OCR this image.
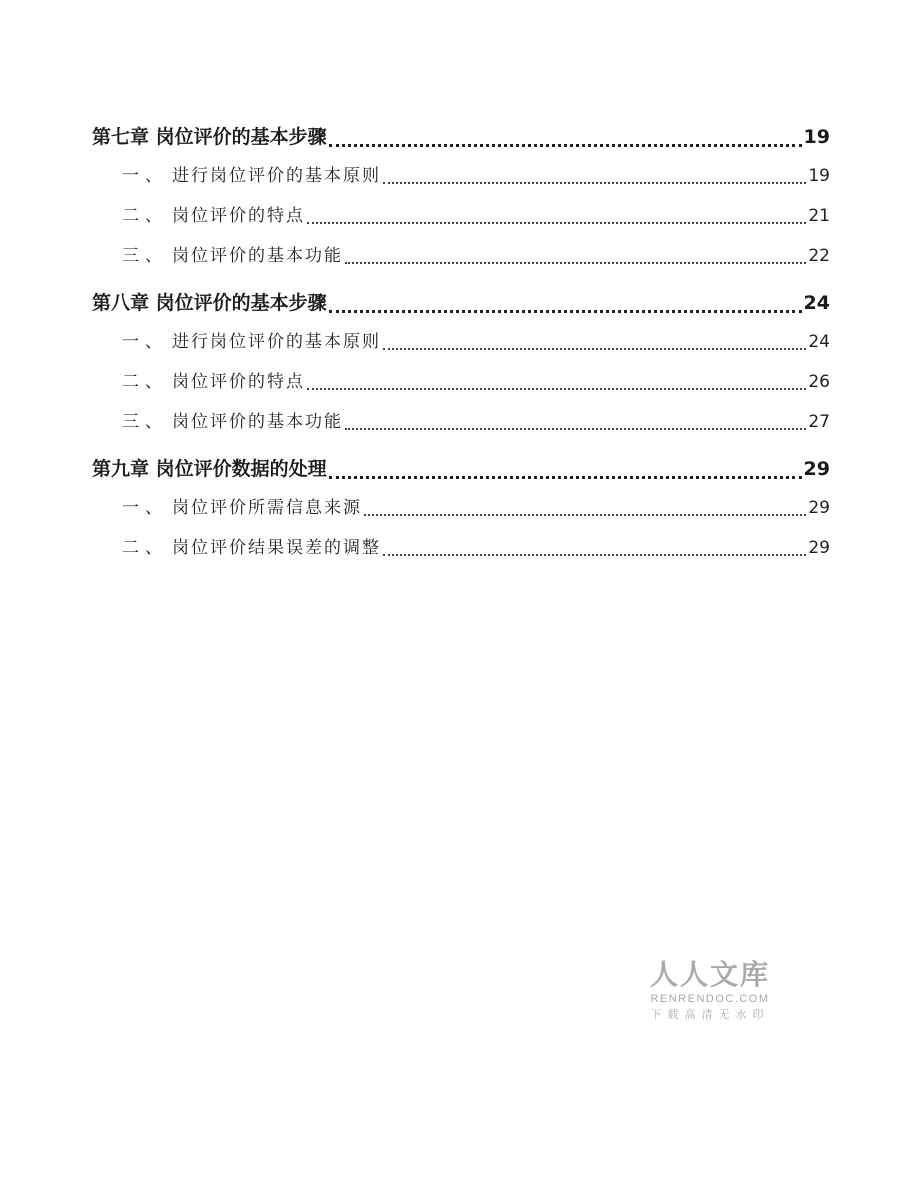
第七章 岗位评价的基本步骤	19
一、 进行岗位评价的基本原则	19
二、 岗位评价的特点	21
三、 岗位评价的基本功能	22
第八章 岗位评价的基本步骤	24
一、 进行岗位评价的基本原则	24
二、 岗位评价的特点	26
三、 岗位评价的基本功能	27
第九章 岗位评价数据的处理	29
一、 岗位评价所需信息来源	29
二、 岗位评价结果误差的调整	29
人人文库
RENRENDOC.COM
下载高清无水印
